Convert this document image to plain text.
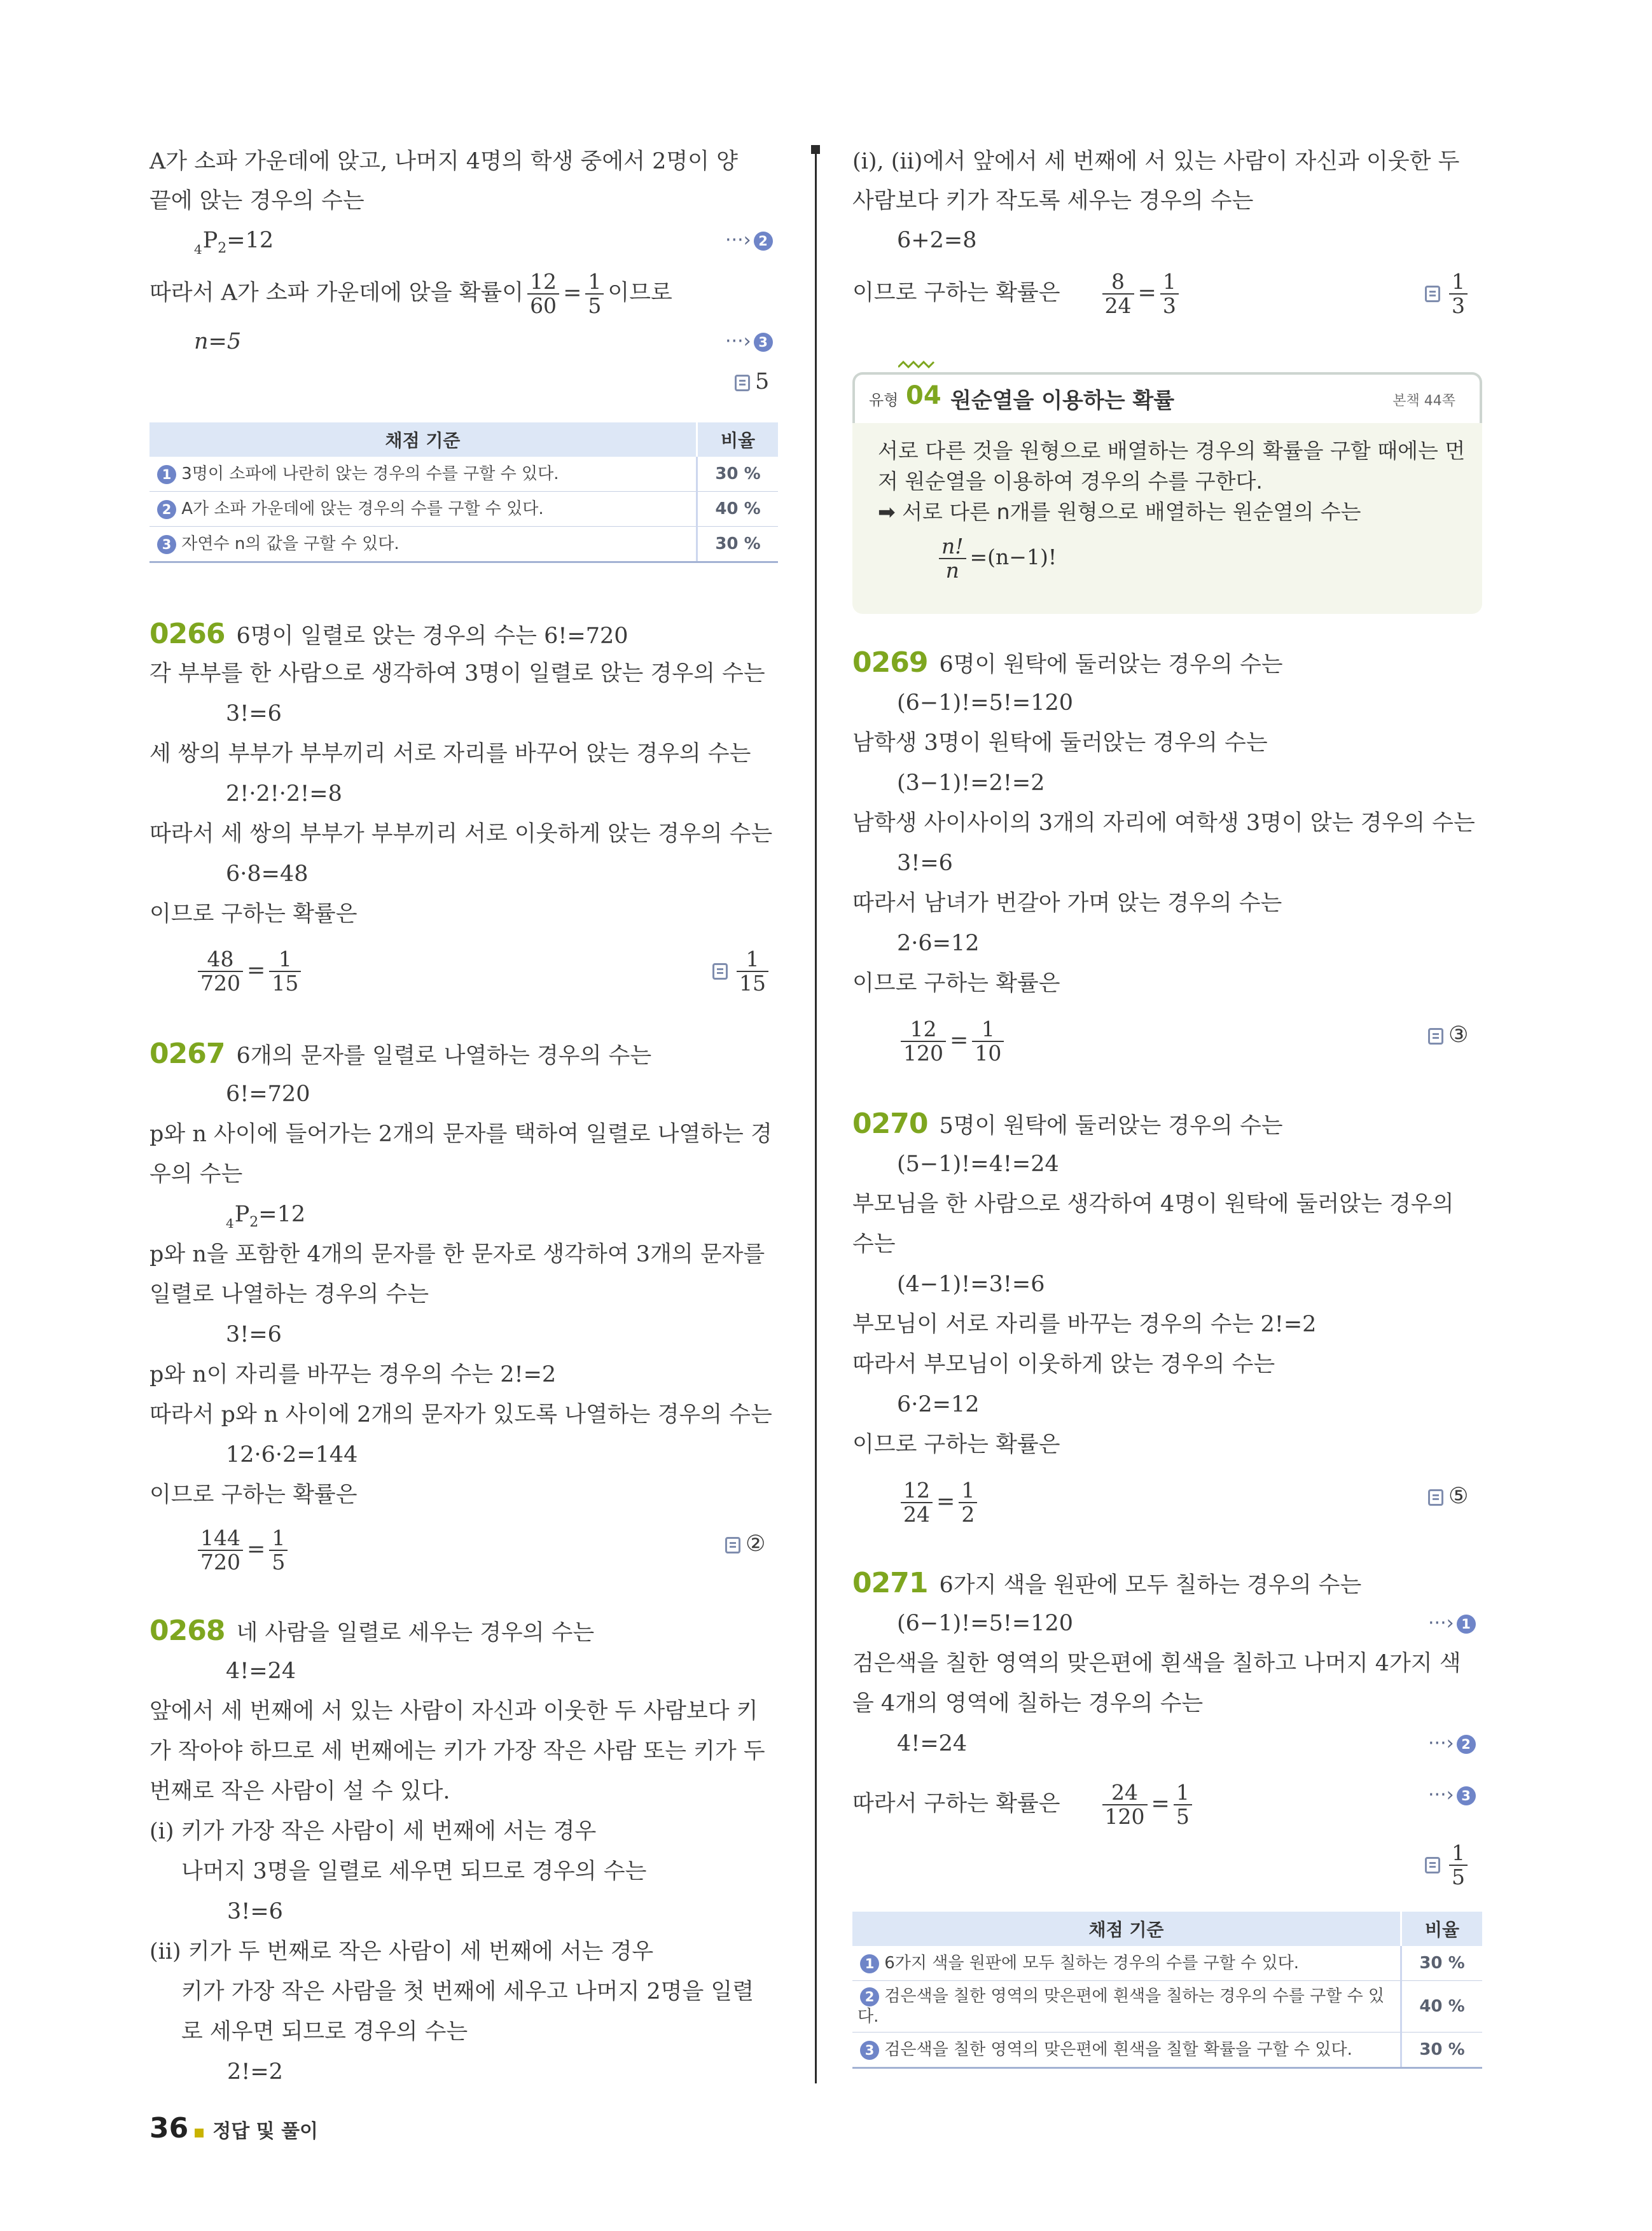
A가 소파 가운데에 앉고, 나머지 4명의 학생 중에서 2명이 양
끝에 앉는 경우의 수는
$_4P_2=12$	···› 2
따라서 A가 소파 가운데에 앉을 확률이 $\frac{12}{60} = \frac{1}{5}$ 이므로
n=5	···› 3
5
채점 기준	비율
1 3명이 소파에 나란히 앉는 경우의 수를 구할 수 있다.	30 %
2 A가 소파 가운데에 앉는 경우의 수를 구할 수 있다.	40 %
3 자연수 n의 값을 구할 수 있다.	30 %
0266 6명이 일렬로 앉는 경우의 수는 6!=720
각 부부를 한 사람으로 생각하여 3명이 일렬로 앉는 경우의 수는
3!=6
세 쌍의 부부가 부부끼리 서로 자리를 바꾸어 앉는 경우의 수는
2!·2!·2!=8
따라서 세 쌍의 부부가 부부끼리 서로 이웃하게 앉는 경우의 수는
6·8=48
이므로 구하는 확률은
$\frac{48}{720} = \frac{1}{15}$	$\frac{1}{15}$
0267 6개의 문자를 일렬로 나열하는 경우의 수는
6!=720
p와 n 사이에 들어가는 2개의 문자를 택하여 일렬로 나열하는 경
우의 수는
$_4P_2=12$
p와 n을 포함한 4개의 문자를 한 문자로 생각하여 3개의 문자를
일렬로 나열하는 경우의 수는
3!=6
p와 n이 자리를 바꾸는 경우의 수는 2!=2
따라서 p와 n 사이에 2개의 문자가 있도록 나열하는 경우의 수는
12·6·2=144
이므로 구하는 확률은
$\frac{144}{720} = \frac{1}{5}$	②
0268 네 사람을 일렬로 세우는 경우의 수는
4!=24
앞에서 세 번째에 서 있는 사람이 자신과 이웃한 두 사람보다 키
가 작아야 하므로 세 번째에는 키가 가장 작은 사람 또는 키가 두
번째로 작은 사람이 설 수 있다.
(i) 키가 가장 작은 사람이 세 번째에 서는 경우
나머지 3명을 일렬로 세우면 되므로 경우의 수는
3!=6
(ii) 키가 두 번째로 작은 사람이 세 번째에 서는 경우
키가 가장 작은 사람을 첫 번째에 세우고 나머지 2명을 일렬
로 세우면 되므로 경우의 수는
2!=2
(i), (ii)에서 앞에서 세 번째에 서 있는 사람이 자신과 이웃한 두
사람보다 키가 작도록 세우는 경우의 수는
6+2=8
이므로 구하는 확률은 $\frac{8}{24} = \frac{1}{3}$	$\frac{1}{3}$
유형 04 원순열을 이용하는 확률	본책 44쪽
서로 다른 것을 원형으로 배열하는 경우의 확률을 구할 때에는 먼
저 원순열을 이용하여 경우의 수를 구한다.
➡ 서로 다른 n개를 원형으로 배열하는 원순열의 수는
$\frac{n!}{n} =(n-1)$!
0269 6명이 원탁에 둘러앉는 경우의 수는
(6−1)!=5!=120
남학생 3명이 원탁에 둘러앉는 경우의 수는
(3−1)!=2!=2
남학생 사이사이의 3개의 자리에 여학생 3명이 앉는 경우의 수는
3!=6
따라서 남녀가 번갈아 가며 앉는 경우의 수는
2·6=12
이므로 구하는 확률은
$\frac{12}{120} = \frac{1}{10}$	③
0270 5명이 원탁에 둘러앉는 경우의 수는
(5−1)!=4!=24
부모님을 한 사람으로 생각하여 4명이 원탁에 둘러앉는 경우의
수는
(4−1)!=3!=6
부모님이 서로 자리를 바꾸는 경우의 수는 2!=2
따라서 부모님이 이웃하게 앉는 경우의 수는
6·2=12
이므로 구하는 확률은
$\frac{12}{24} = \frac{1}{2}$	⑤
0271 6가지 색을 원판에 모두 칠하는 경우의 수는
(6−1)!=5!=120	···› 1
검은색을 칠한 영역의 맞은편에 흰색을 칠하고 나머지 4가지 색
을 4개의 영역에 칠하는 경우의 수는
4!=24	···› 2
따라서 구하는 확률은 $\frac{24}{120} = \frac{1}{5}$	···› 3
$\frac{1}{5}$
채점 기준	비율
1 6가지 색을 원판에 모두 칠하는 경우의 수를 구할 수 있다.	30 %
2 검은색을 칠한 영역의 맞은편에 흰색을 칠하는 경우의 수를 구할 수 있다.	40 %
3 검은색을 칠한 영역의 맞은편에 흰색을 칠할 확률을 구할 수 있다.	30 %
36 정답 및 풀이
